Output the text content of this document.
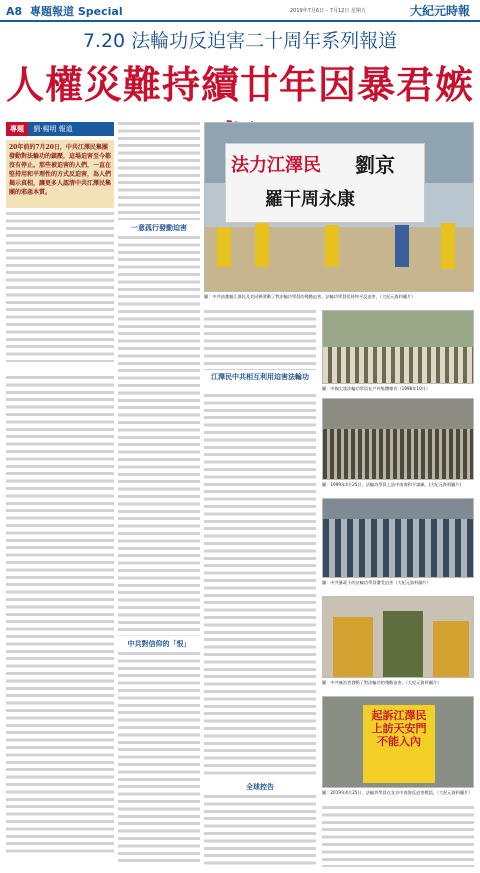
A8 專題報道 Special	2019年7月6日 – 7月12日 星期五	大紀元時報
7.20 法輪功反迫害二十周年系列報道
人權災難持續廿年因暴君嫉
專題 劉·楊明 報道
20年前的7月20日，中共江澤民集團發動對法輪功的鎮壓，這場迫害至今都沒有停止。那些被迫害的人們，一直在堅持用和平理性的方式反迫害，為人們揭示真相，讓更多人認清中共江澤民集團的邪惡本質。
一意孤行發動迫害
中共對信仰的「恨」
法力江澤民 劉京
羅干周永康
圖：中共前黨魁江澤民及其同夥發動了對法輪功學員的殘酷迫害。法輪功學員堅持和平反迫害。（大紀元資料圖片）
江澤民中共相互利用迫害法輪功
全球控告
圖：中國大陸法輪功學員在戶外集體煉功（1998年10月）
圖：1999年4月25日，法輪功學員上訪中南海和平請願。(大紀元資料圖片)
圖：中共暴政下的法輪功學員遭受迫害（大紀元資料圖片）
圖：中共統治者發動了對法輪功的殘酷迫害。（大紀元資料圖片）
起訴江澤民 上訪天安門不能入內
圖：2019年4月25日，法輪功學員在北京中南海反迫害標語。（大紀元資料圖片）
